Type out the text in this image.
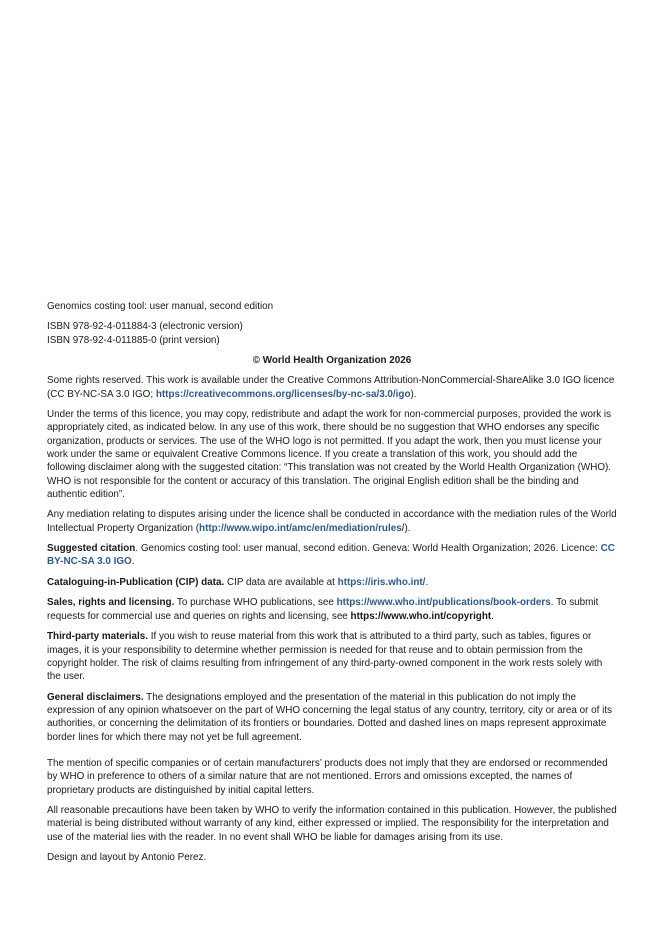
Genomics costing tool: user manual, second edition

ISBN 978-92-4-011884-3 (electronic version)
ISBN 978-92-4-011885-0 (print version)

© World Health Organization 2026

Some rights reserved. This work is available under the Creative Commons Attribution-NonCommercial-ShareAlike 3.0 IGO licence (CC BY-NC-SA 3.0 IGO; https://creativecommons.org/licenses/by-nc-sa/3.0/igo).

Under the terms of this licence, you may copy, redistribute and adapt the work for non-commercial purposes, provided the work is appropriately cited, as indicated below. In any use of this work, there should be no suggestion that WHO endorses any specific organization, products or services. The use of the WHO logo is not permitted. If you adapt the work, then you must license your work under the same or equivalent Creative Commons licence. If you create a translation of this work, you should add the following disclaimer along with the suggested citation: “This translation was not created by the World Health Organization (WHO). WHO is not responsible for the content or accuracy of this translation. The original English edition shall be the binding and authentic edition”.

Any mediation relating to disputes arising under the licence shall be conducted in accordance with the mediation rules of the World Intellectual Property Organization (http://www.wipo.int/amc/en/mediation/rules/).

Suggested citation. Genomics costing tool: user manual, second edition. Geneva: World Health Organization; 2026. Licence: CC BY-NC-SA 3.0 IGO.

Cataloguing-in-Publication (CIP) data. CIP data are available at https://iris.who.int/.

Sales, rights and licensing. To purchase WHO publications, see https://www.who.int/publications/book-orders. To submit requests for commercial use and queries on rights and licensing, see https://www.who.int/copyright.

Third-party materials. If you wish to reuse material from this work that is attributed to a third party, such as tables, figures or images, it is your responsibility to determine whether permission is needed for that reuse and to obtain permission from the copyright holder. The risk of claims resulting from infringement of any third-party-owned component in the work rests solely with the user.

General disclaimers. The designations employed and the presentation of the material in this publication do not imply the expression of any opinion whatsoever on the part of WHO concerning the legal status of any country, territory, city or area or of its authorities, or concerning the delimitation of its frontiers or boundaries. Dotted and dashed lines on maps represent approximate border lines for which there may not yet be full agreement.

The mention of specific companies or of certain manufacturers’ products does not imply that they are endorsed or recommended by WHO in preference to others of a similar nature that are not mentioned. Errors and omissions excepted, the names of proprietary products are distinguished by initial capital letters.

All reasonable precautions have been taken by WHO to verify the information contained in this publication. However, the published material is being distributed without warranty of any kind, either expressed or implied. The responsibility for the interpretation and use of the material lies with the reader. In no event shall WHO be liable for damages arising from its use.

Design and layout by Antonio Perez.
